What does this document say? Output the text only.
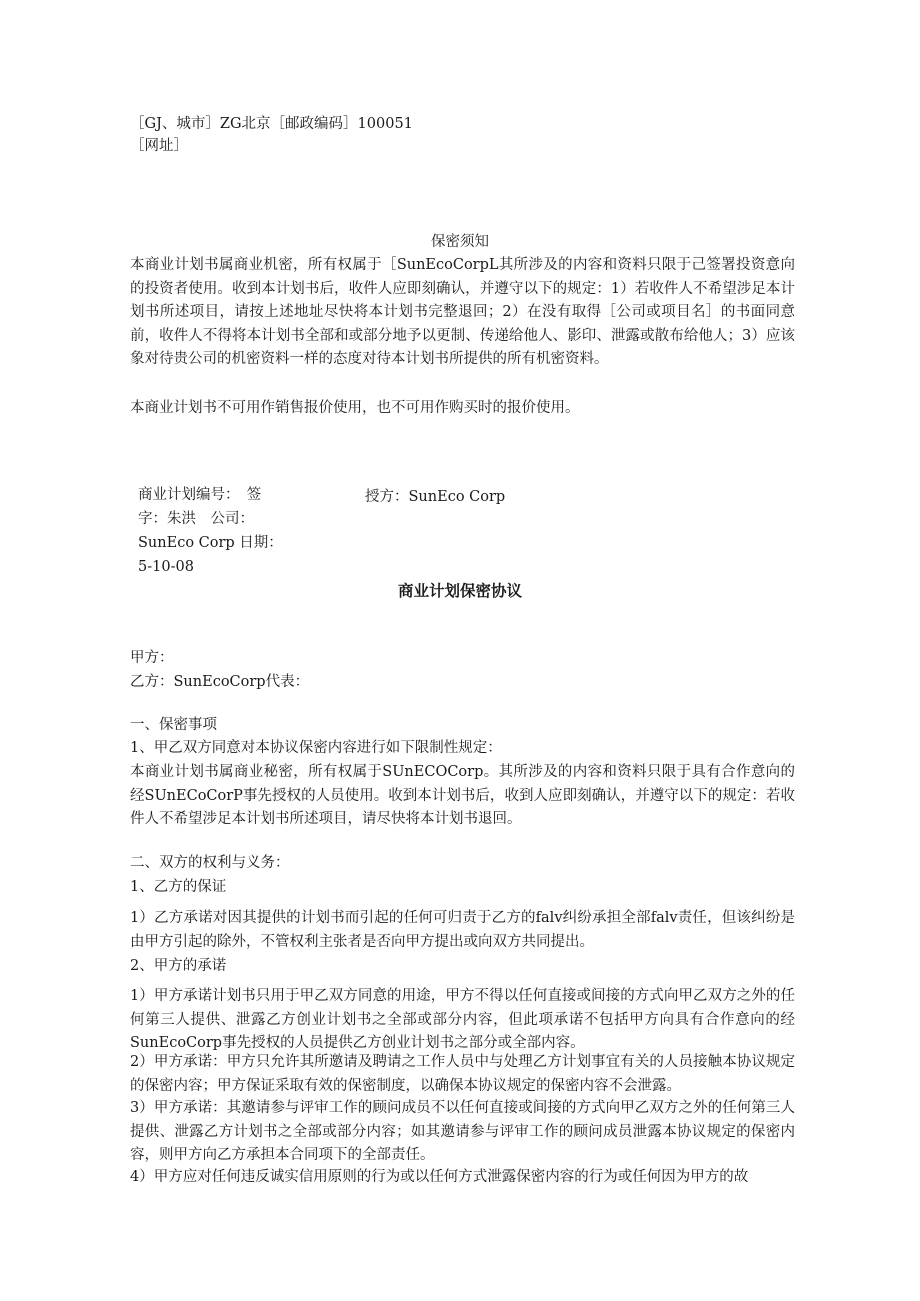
［GJ、城市］ZG北京［邮政编码］100051
［网址］
保密须知
本商业计划书属商业机密，所有权属于［SunEcoCorpL其所涉及的内容和资料只限于己签署投资意向的投资者使用。收到本计划书后，收件人应即刻确认，并遵守以下的规定：1）若收件人不希望涉足本计划书所述项目，请按上述地址尽快将本计划书完整退回；2）在没有取得［公司或项目名］的书面同意前，收件人不得将本计划书全部和或部分地予以更制、传递给他人、影印、泄露或散布给他人；3）应该象对待贵公司的机密资料一样的态度对待本计划书所提供的所有机密资料。
本商业计划书不可用作销售报价使用，也不可用作购买时的报价使用。
商业计划编号：　签
字：朱洪　公司：
SunEco Corp 日期：
5-10-08
授方：SunEco Corp
商业计划保密协议
甲方：
乙方：SunEcoCorp代表：
一、保密事项
1、甲乙双方同意对本协议保密内容进行如下限制性规定：
本商业计划书属商业秘密，所有权属于SUnECOCorp。其所涉及的内容和资料只限于具有合作意向的经SUnECoCorP事先授权的人员使用。收到本计划书后，收到人应即刻确认，并遵守以下的规定：若收件人不希望涉足本计划书所述项目，请尽快将本计划书退回。
二、双方的权利与义务：
1、乙方的保证
1）乙方承诺对因其提供的计划书而引起的任何可归责于乙方的falv纠纷承担全部falv责任，但该纠纷是由甲方引起的除外，不管权利主张者是否向甲方提出或向双方共同提出。
2、甲方的承诺
1）甲方承诺计划书只用于甲乙双方同意的用途，甲方不得以任何直接或间接的方式向甲乙双方之外的任何第三人提供、泄露乙方创业计划书之全部或部分内容，但此项承诺不包括甲方向具有合作意向的经SunEcoCorp事先授权的人员提供乙方创业计划书之部分或全部内容。
2）甲方承诺：甲方只允许其所邀请及聘请之工作人员中与处理乙方计划事宜有关的人员接触本协议规定的保密内容；甲方保证采取有效的保密制度，以确保本协议规定的保密内容不会泄露。
3）甲方承诺：其邀请参与评审工作的顾问成员不以任何直接或间接的方式向甲乙双方之外的任何第三人提供、泄露乙方计划书之全部或部分内容；如其邀请参与评审工作的顾问成员泄露本协议规定的保密内容，则甲方向乙方承担本合同项下的全部责任。
4）甲方应对任何违反诚实信用原则的行为或以任何方式泄露保密内容的行为或任何因为甲方的故
